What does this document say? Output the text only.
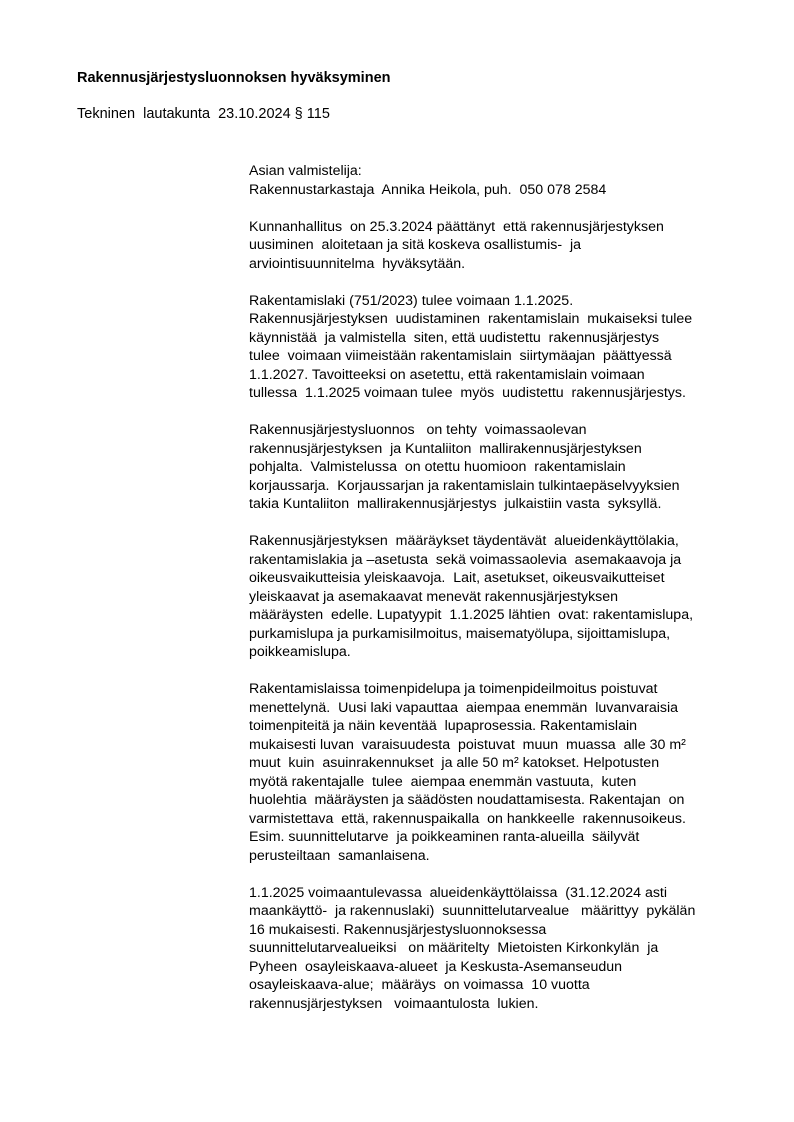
Rakennusjärjestysluonnoksen hyväksyminen
Tekninen  lautakunta  23.10.2024 § 115
Asian valmistelija:
Rakennustarkastaja  Annika Heikola, puh.  050 078 2584
Kunnanhallitus  on 25.3.2024 päättänyt  että rakennusjärjestyksen
uusiminen  aloitetaan ja sitä koskeva osallistumis-  ja
arviointisuunnitelma  hyväksytään.
Rakentamislaki (751/2023) tulee voimaan 1.1.2025.
Rakennusjärjestyksen  uudistaminen  rakentamislain  mukaiseksi tulee
käynnistää  ja valmistella  siten, että uudistettu  rakennusjärjestys
tulee  voimaan viimeistään rakentamislain  siirtymäajan  päättyessä
1.1.2027. Tavoitteeksi on asetettu, että rakentamislain voimaan
tullessa  1.1.2025 voimaan tulee  myös  uudistettu  rakennusjärjestys.
Rakennusjärjestysluonnos   on tehty  voimassaolevan
rakennusjärjestyksen  ja Kuntaliiton  mallirakennusjärjestyksen
pohjalta.  Valmistelussa  on otettu huomioon  rakentamislain
korjaussarja.  Korjaussarjan ja rakentamislain tulkintaepäselvyyksien
takia Kuntaliiton  mallirakennusjärjestys  julkaistiin vasta  syksyllä.
Rakennusjärjestyksen  määräykset täydentävät  alueidenkäyttölakia,
rakentamislakia ja –asetusta  sekä voimassaolevia  asemakaavoja ja
oikeusvaikutteisia yleiskaavoja.  Lait, asetukset, oikeusvaikutteiset
yleiskaavat ja asemakaavat menevät rakennusjärjestyksen
määräysten  edelle. Lupatyypit  1.1.2025 lähtien  ovat: rakentamislupa,
purkamislupa ja purkamisilmoitus, maisematyölupa, sijoittamislupa,
poikkeamislupa.
Rakentamislaissa toimenpidelupa ja toimenpideilmoitus poistuvat
menettelynä.  Uusi laki vapauttaa  aiempaa enemmän  luvanvaraisia
toimenpiteitä ja näin keventää  lupaprosessia. Rakentamislain
mukaisesti luvan  varaisuudesta  poistuvat  muun  muassa  alle 30 m²
muut  kuin  asuinrakennukset  ja alle 50 m² katokset. Helpotusten
myötä rakentajalle  tulee  aiempaa enemmän vastuuta,  kuten
huolehtia  määräysten ja säädösten noudattamisesta. Rakentajan  on
varmistettava  että, rakennuspaikalla  on hankkeelle  rakennusoikeus.
Esim. suunnittelutarve  ja poikkeaminen ranta-alueilla  säilyvät
perusteiltaan  samanlaisena.
1.1.2025 voimaantulevassa  alueidenkäyttölaissa  (31.12.2024 asti
maankäyttö-  ja rakennuslaki)  suunnittelutarvealue   määrittyy  pykälän
16 mukaisesti. Rakennusjärjestysluonnoksessa
suunnittelutarvealueiksi   on määritelty  Mietoisten Kirkonkylän  ja
Pyheen  osayleiskaava-alueet  ja Keskusta-Asemanseudun
osayleiskaava-alue;  määräys  on voimassa  10 vuotta
rakennusjärjestyksen   voimaantulosta  lukien.
